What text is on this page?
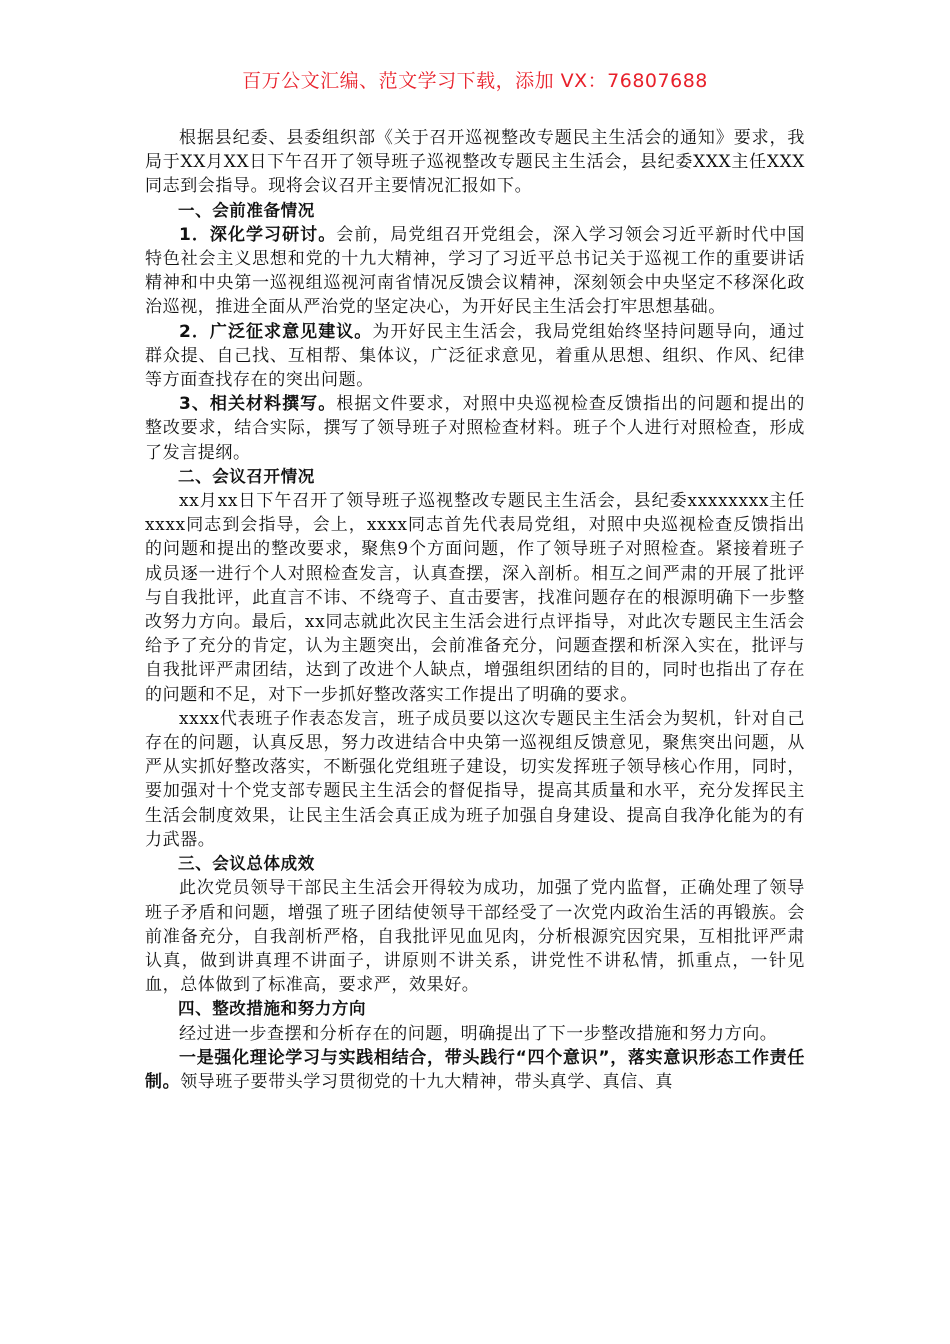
百万公文汇编、范文学习下载，添加 VX：76807688

根据县纪委、县委组织部《关于召开巡视整改专题民主生活会的通知》要求，我局于XX月XX日下午召开了领导班子巡视整改专题民主生活会，县纪委XXX主任XXX同志到会指导。现将会议召开主要情况汇报如下。

一、会前准备情况

1．深化学习研讨。会前，局党组召开党组会，深入学习领会习近平新时代中国特色社会主义思想和党的十九大精神，学习了习近平总书记关于巡视工作的重要讲话精神和中央第一巡视组巡视河南省情况反馈会议精神，深刻领会中央坚定不移深化政治巡视，推进全面从严治党的坚定决心，为开好民主生活会打牢思想基础。

2．广泛征求意见建议。为开好民主生活会，我局党组始终坚持问题导向，通过群众提、自己找、互相帮、集体议，广泛征求意见，着重从思想、组织、作风、纪律等方面查找存在的突出问题。

3、相关材料撰写。根据文件要求，对照中央巡视检查反馈指出的问题和提出的整改要求，结合实际，撰写了领导班子对照检查材料。班子个人进行对照检查，形成了发言提纲。

二、会议召开情况

xx月xx日下午召开了领导班子巡视整改专题民主生活会，县纪委xxxxxxxx主任xxxx同志到会指导，会上，xxxx同志首先代表局党组，对照中央巡视检查反馈指出的问题和提出的整改要求，聚焦9个方面问题，作了领导班子对照检查。紧接着班子成员逐一进行个人对照检查发言，认真查摆，深入剖析。相互之间严肃的开展了批评与自我批评，此直言不讳、不绕弯子、直击要害，找准问题存在的根源明确下一步整改努力方向。最后，xx同志就此次民主生活会进行点评指导，对此次专题民主生活会给予了充分的肯定，认为主题突出，会前准备充分，问题查摆和析深入实在，批评与自我批评严肃团结，达到了改进个人缺点，增强组织团结的目的，同时也指出了存在的问题和不足，对下一步抓好整改落实工作提出了明确的要求。

xxxx代表班子作表态发言，班子成员要以这次专题民主生活会为契机，针对自己存在的问题，认真反思，努力改进结合中央第一巡视组反馈意见，聚焦突出问题，从严从实抓好整改落实，不断强化党组班子建设，切实发挥班子领导核心作用，同时，要加强对十个党支部专题民主生活会的督促指导，提高其质量和水平，充分发挥民主生活会制度效果，让民主生活会真正成为班子加强自身建设、提高自我净化能为的有力武器。

三、会议总体成效

此次党员领导干部民主生活会开得较为成功，加强了党内监督，正确处理了领导班子矛盾和问题，增强了班子团结使领导干部经受了一次党内政治生活的再锻族。会前准备充分，自我剖析严格，自我批评见血见肉，分析根源究因究果，互相批评严肃认真，做到讲真理不讲面子，讲原则不讲关系，讲党性不讲私情，抓重点，一针见血，总体做到了标准高，要求严，效果好。

四、整改措施和努力方向

经过进一步查摆和分析存在的问题，明确提出了下一步整改措施和努力方向。

一是强化理论学习与实践相结合，带头践行“四个意识”，落实意识形态工作责任制。领导班子要带头学习贯彻党的十九大精神，带头真学、真信、真
